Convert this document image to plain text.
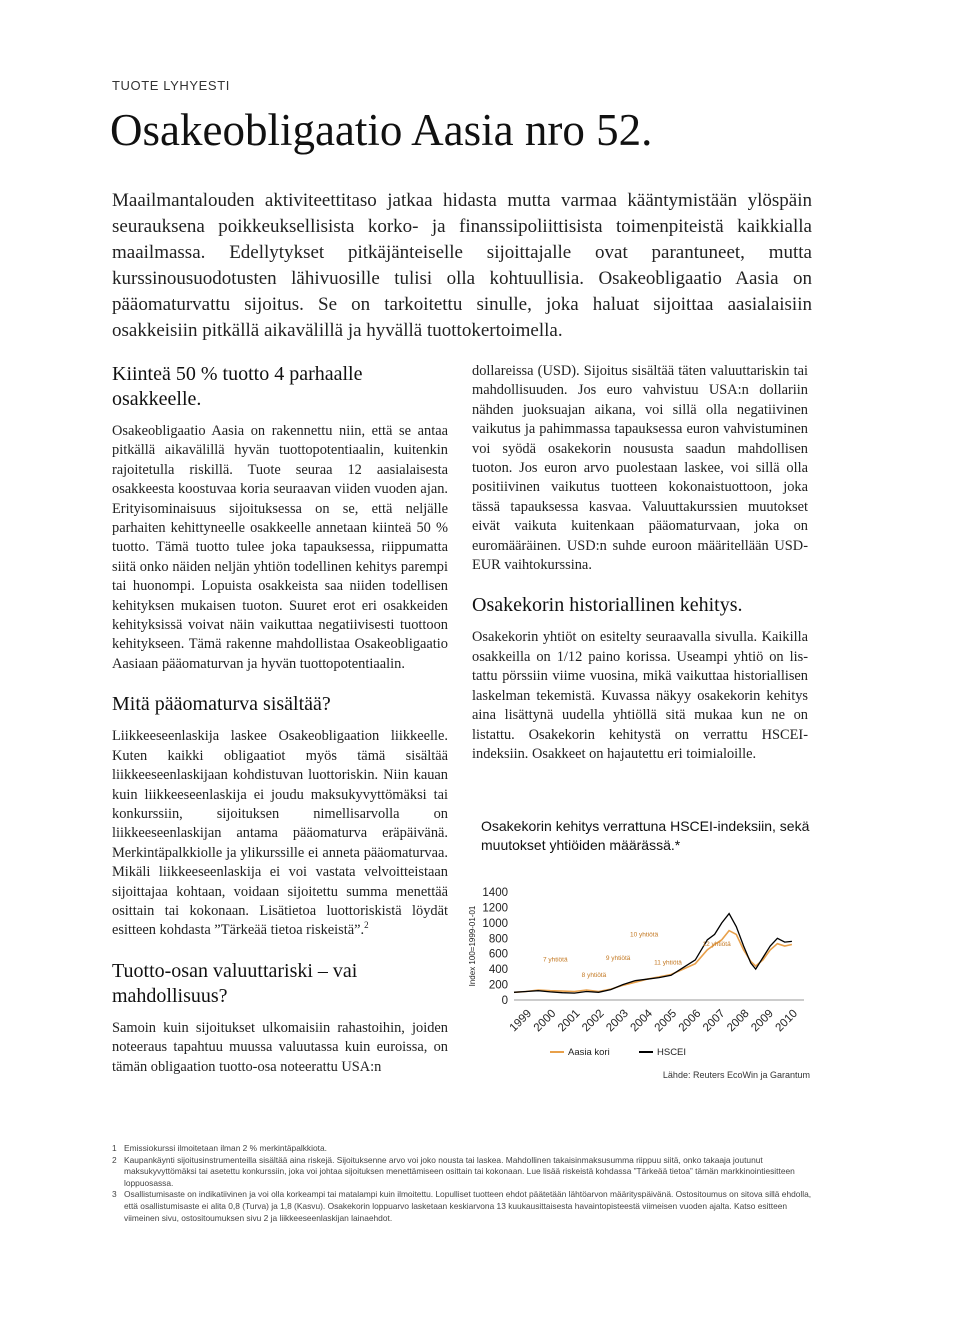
TUOTE LYHYESTI
Osakeobligaatio Aasia nro 52.

Maailmantalouden aktiviteettitaso jatkaa hidasta mutta varmaa kääntymistään ylöspäin seurauksena poikkeuksellisista korko- ja finanssipoliittisista toimenpiteistä kaikkialla maailmassa. Edellytykset pitkäjänteiselle sijoittajalle ovat parantuneet, mutta kurssinousuodotusten lähivuosille tulisi olla kohtuullisia. Osakeobligaatio Aasia on pääomaturvattu sijoitus. Se on tarkoitettu sinulle, joka haluat sijoittaa aasialaisiin osakkeisiin pitkällä aikavälillä ja hyvällä tuottokertoimella.

Kiinteä 50 % tuotto 4 parhaalle osakkeelle.

Osakeobligaatio Aasia on rakennettu niin, että se antaa pitkällä aikavälillä hyvän tuottopotentiaalin, kuitenkin rajoitetulla riskillä. Tuote seuraa 12 aasialaisesta osakkeesta koostuvaa koria seuraavan viiden vuoden ajan. Erityisominaisuus sijoituksessa on se, että neljälle parhaiten kehittyneelle osakkeelle annetaan kiinteä 50 % tuotto. Tämä tuotto tulee joka tapauksessa, riippumatta siitä onko näiden neljän yhtiön todellinen kehitys parempi tai huonompi. Lopuista osakkeista saa niiden todellisen kehityksen mukaisen tuoton. Suuret erot eri osakkeiden kehityksissä voivat näin vaikuttaa negatiivisesti tuottoon kehitykseen. Tämä rakenne mahdollistaa Osakeobligaatio Aasiaan pääomaturvan ja hyvän tuottopotentiaalin.

Mitä pääomaturva sisältää?

Liikkeeseenlaskija laskee Osakeobligaation liikkeelle. Kuten kaikki obligaatiot myös tämä sisältää liikkeeseenlaskijaan kohdistuvan luottoriskin. Niin kauan kuin liikkeeseenlaskija ei joudu maksukyvyttömäksi tai konkurssiin, sijoituksen nimellisarvolla on liikkeeseenlaskijan antama pääomaturva eräpäivänä. Merkintäpalkkiolle ja ylikurssille ei anneta pääomaturvaa. Mikäli liikkeeseenlaskija ei voi vastata velvoitteistaan sijoittajaa kohtaan, voidaan sijoitettu summa menettää osittain tai kokonaan. Lisätietoa luottoriskistä löydät esitteen kohdasta ”Tärkeää tietoa riskeistä”.$^2$

Tuotto-osan valuuttariski – vai mahdollisuus?

Samoin kuin sijoitukset ulkomaisiin rahastoihin, joiden noteeraus tapahtuu muussa valuutassa kuin euroissa, on tämän obligaation tuotto-osa noteerattu USA:n

dollareissa (USD). Sijoitus sisältää täten valuuttariskin tai mahdollisuuden. Jos euro vahvistuu USA:n dollariin nähden juoksuajan aikana, voi sillä olla negatiivinen vaikutus ja pahimmassa tapauksessa euron vahvistuminen voi syödä osakekorin noususta saadun mahdollisen tuoton. Jos euron arvo puolestaan laskee, voi sillä olla positiivinen vaikutus tuotteen kokonaistuottoon, joka tässä tapauksessa kasvaa. Valuuttakurssien muutokset eivät vaikuta kuitenkaan pääomaturvaan, joka on euromääräinen. USD:n suhde euroon määritellään USD-EUR vaihtokurssina.

Osakekorin historiallinen kehitys.

Osakekorin yhtiöt on esitelty seuraavalla sivulla. Kaikilla osakkeilla on 1/12 paino korissa. Useampi yhtiö on lis-tattu pörssiin viime vuosina, mikä vaikuttaa historiallisen laskelman tekemistä. Kuvassa näkyy osakekorin kehitys aina lisättynä uudella yhtiöllä sitä mukaa kun ne on listattu. Osakekorin kehitystä on verrattu HSCEI-indeksiin. Osakkeet on hajautettu eri toimialoille.

Osakekorin kehitys verrattuna HSCEI-indeksiin, sekä muutokset yhtiöiden määrässä.*
Index 100=1999-01-01
1400
1200
1000
800
600
400
200
0
1999
2000
2001
2002
2003
2004
2005
2006
2007
2008
2009
2010
7 yhtiötä
8 yhtiötä
9 yhtiötä
10 yhtiötä
11 yhtiötä
12 yhtiötä
Aasia kori	HSCEI
Lähde: Reuters EcoWin ja Garantum
1 Emissiokurssi ilmoitetaan ilman 2 % merkintäpalkkiota.
2 Kaupankäynti sijoitusinstrumenteilla sisältää aina riskejä. Sijoituksenne arvo voi joko nousta tai laskea. Mahdollinen takaisinmaksusumma riippuu siitä, onko takaaja joutunut maksukyvyttömäksi tai asetettu konkurssiin, joka voi johtaa sijoituksen menettämiseen osittain tai kokonaan. Lue lisää riskeistä kohdassa ”Tärkeää tietoa” tämän markkinointiesitteen loppuosassa.
3 Osallistumisaste on indikatiivinen ja voi olla korkeampi tai matalampi kuin ilmoitettu. Lopulliset tuotteen ehdot päätetään lähtöarvon määrityspäivänä. Ostositoumus on sitova sillä ehdolla, että osallistumisaste ei alita 0,8 (Turva) ja 1,8 (Kasvu). Osakekorin loppuarvo lasketaan keskiarvona 13 kuukausittaisesta havaintopisteestä viimeisen vuoden ajalta. Katso esitteen viimeinen sivu, ostositoumuksen sivu 2 ja liikkeeseenlaskijan lainaehdot.
